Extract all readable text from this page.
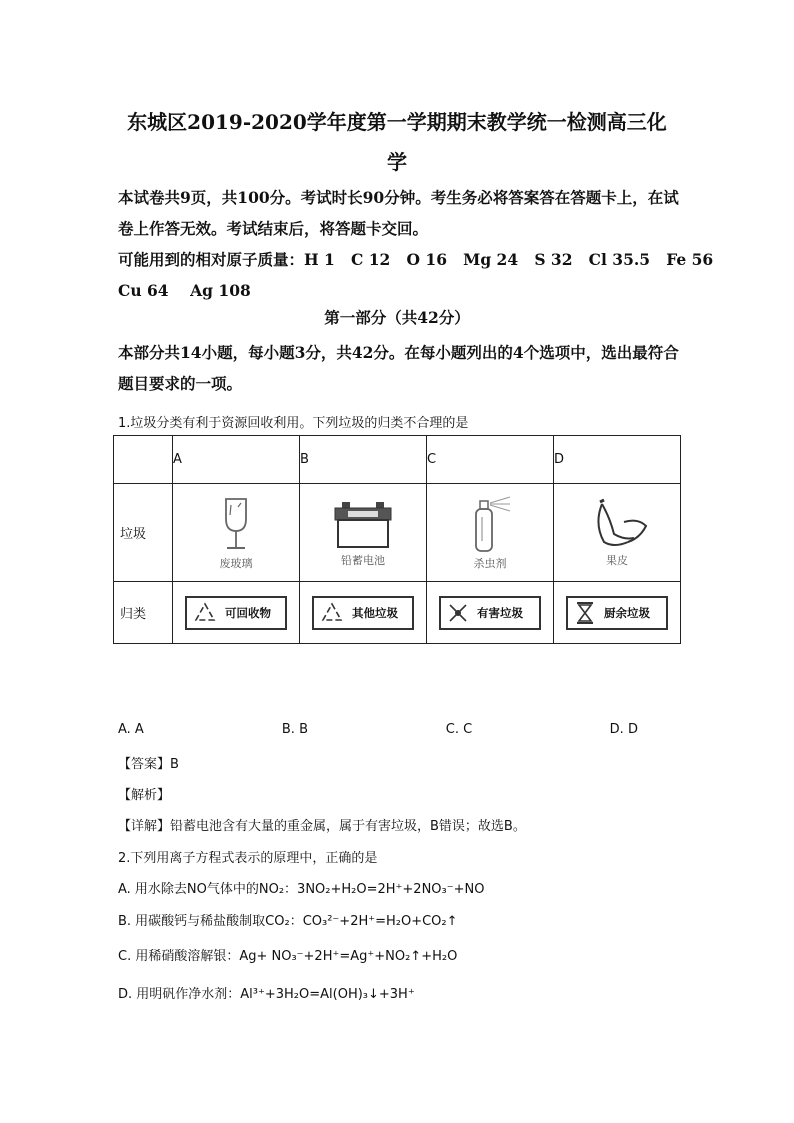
东城区2019-2020学年度第一学期期末教学统一检测高三化
学
本试卷共9页，共100分。考试时长90分钟。考生务必将答案答在答题卡上，在试卷上作答无效。考试结束后，将答题卡交回。
可能用到的相对原子质量：H 1   C 12   O 16   Mg 24   S 32   Cl 35.5   Fe 56
Cu 64    Ag 108
第一部分（共42分）
本部分共14小题，每小题3分，共42分。在每小题列出的4个选项中，选出最符合题目要求的一项。
1.垃圾分类有利于资源回收利用。下列垃圾的归类不合理的是
	A	B	C	D
垃圾	废玻璃	铅蓄电池	杀虫剂	果皮

归类	可回收物	其他垃圾	有害垃圾	厨余垃圾
A. A	B. B	C. C	D. D
【答案】B
【解析】
【详解】铅蓄电池含有大量的重金属，属于有害垃圾，B错误；故选B。
2.下列用离子方程式表示的原理中，正确的是
A. 用水除去NO气体中的NO₂：3NO₂+H₂O=2H⁺+2NO₃⁻+NO
B. 用碳酸钙与稀盐酸制取CO₂：CO₃²⁻+2H⁺=H₂O+CO₂↑
C. 用稀硝酸溶解银：Ag+ NO₃⁻+2H⁺=Ag⁺+NO₂↑+H₂O
D. 用明矾作净水剂：Al³⁺+3H₂O=Al(OH)₃↓+3H⁺
